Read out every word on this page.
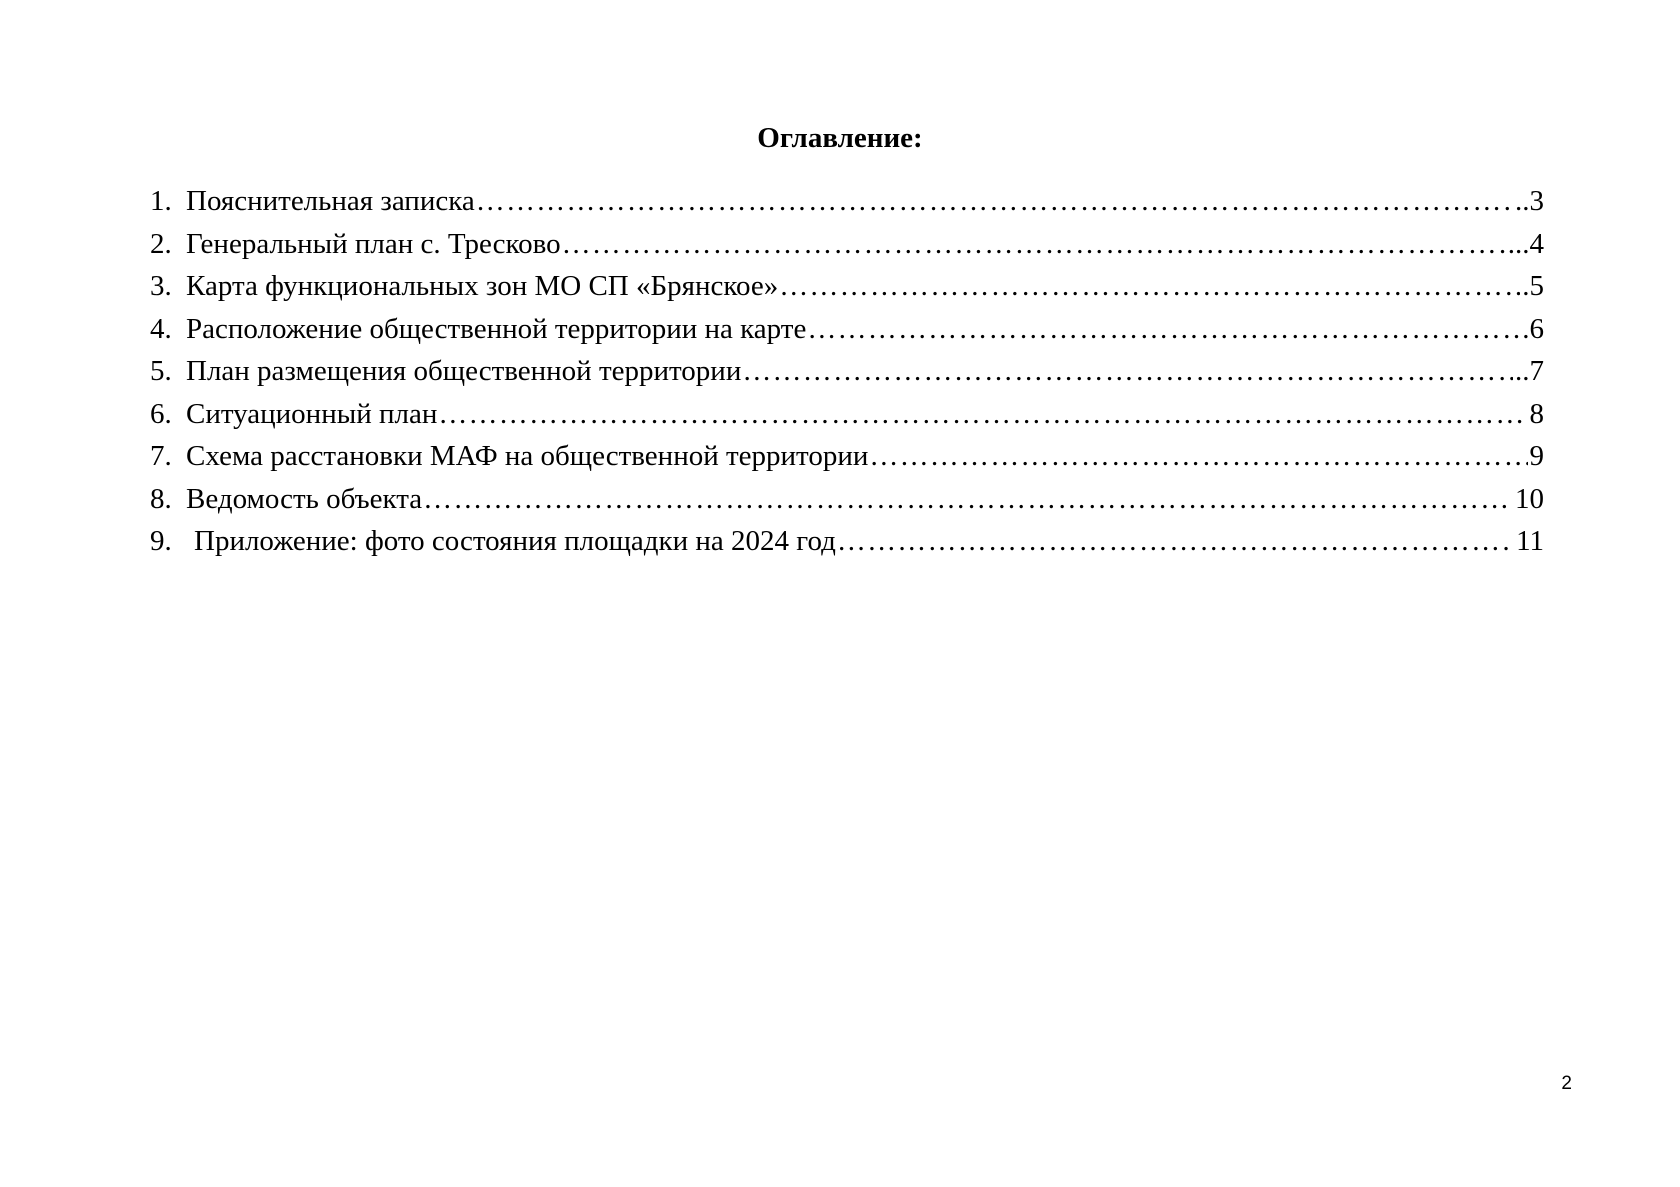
Оглавление:
1. Пояснительная записка …………………………………………………………………………………………………………………………………………………………………………………………	..3
2. Генеральный план с. Тресково …………………………………………………………………………………………………………………………………………………………………………………………	...4
3. Карта функциональных зон МО СП «Брянское» …………………………………………………………………………………………………………………………………………………………………………………………	.5
4. Расположение общественной территории на карте …………………………………………………………………………………………………………………………………………………………………………………………	.6
5. План размещения общественной территории …………………………………………………………………………………………………………………………………………………………………………………………	..7
6. Ситуационный план …………………………………………………………………………………………………………………………………………………………………………………………	8
7. Схема расстановки МАФ на общественной территории …………………………………………………………………………………………………………………………………………………………………………………………	9
8. Ведомость объекта …………………………………………………………………………………………………………………………………………………………………………………………	10
9. Приложение: фото состояния площадки на 2024 год …………………………………………………………………………………………………………………………………………………………………………………………	11
2
